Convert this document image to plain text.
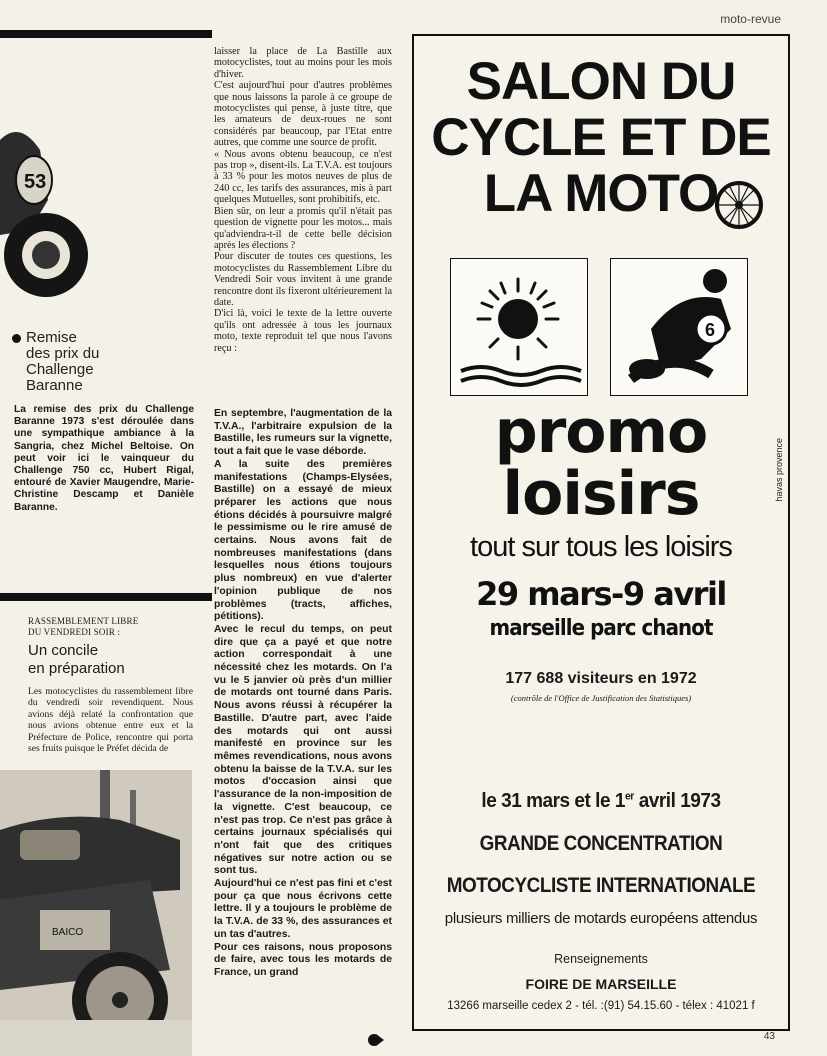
moto-revue
53
Remise
des prix du
Challenge
Baranne
La remise des prix du Challenge Baranne 1973 s'est déroulée dans une sympathique ambiance à la Sangria, chez Michel Beltoise. On peut voir ici le vainqueur du Challenge 750 cc, Hubert Rigal, entouré de Xavier Maugendre, Marie-Christine Descamp et Danièle Baranne.
RASSEMBLEMENT LIBRE
DU VENDREDI SOIR :
Un concile
en préparation
Les motocyclistes du rassemblement libre du vendredi soir revendiquent. Nous avions déjà relaté la confrontation que nous avions obtenue entre eux et la Préfecture de Police, rencontre qui porta ses fruits puisque le Préfet décida de
BAICO

laisser la place de La Bastille aux motocyclistes, tout au moins pour les mois d'hiver.

C'est aujourd'hui pour d'autres problèmes que nous laissons la parole à ce groupe de motocyclistes qui pense, à juste titre, que les amateurs de deux-roues ne sont considérés par beaucoup, par l'Etat entre autres, que comme une source de profit.

« Nous avons obtenu beaucoup, ce n'est pas trop », disent-ils. La T.V.A. est toujours à 33 % pour les motos neuves de plus de 240 cc, les tarifs des assurances, mis à part quelques Mutuelles, sont prohibitifs, etc.

Bien sûr, on leur a promis qu'il n'était pas question de vignette pour les motos... mais qu'adviendra-t-il de cette belle décision après les élections ?

Pour discuter de toutes ces questions, les motocyclistes du Rassemblement Libre du Vendredi Soir vous invitent à une grande rencontre dont ils fixeront ultérieurement la date.

D'ici là, voici le texte de la lettre ouverte qu'ils ont adressée à tous les journaux moto, texte reproduit tel que nous l'avons reçu :

En septembre, l'augmentation de la T.V.A., l'arbitraire expulsion de la Bastille, les rumeurs sur la vignette, tout a fait que le vase déborde.

A la suite des premières manifestations (Champs-Elysées, Bastille) on a essayé de mieux préparer les actions que nous étions décidés à poursuivre malgré le pessimisme ou le rire amusé de certains. Nous avons fait de nombreuses manifestations (dans lesquelles nous étions toujours plus nombreux) en vue d'alerter l'opinion publique de nos problèmes (tracts, affiches, pétitions).

Avec le recul du temps, on peut dire que ça a payé et que notre action correspondait à une nécessité chez les motards. On l'a vu le 5 janvier où près d'un millier de motards ont tourné dans Paris. Nous avons réussi à récupérer la Bastille. D'autre part, avec l'aide des motards qui ont aussi manifesté en province sur les mêmes revendications, nous avons obtenu la baisse de la T.V.A. sur les motos d'occasion ainsi que l'assurance de la non-imposition de la vignette. C'est beaucoup, ce n'est pas trop. Ce n'est pas grâce à certains journaux spécialisés qui n'ont fait que des critiques négatives sur notre action ou se sont tus.

Aujourd'hui ce n'est pas fini et c'est pour ça que nous écrivons cette lettre. Il y a toujours le problème de la T.V.A. de 33 %, des assurances et un tas d'autres.

Pour ces raisons, nous proposons de faire, avec tous les motards de France, un grand

SALON DU
CYCLE ET DE
LA MOTO
6
havas provence
promo
loisirs
tout sur tous les loisirs
29 mars-9 avril
marseille parc chanot
177 688 visiteurs en 1972
(contrôle de l'Office de Justification des Statistiques)
le 31 mars et le 1er avril 1973
GRANDE CONCENTRATION
MOTOCYCLISTE INTERNATIONALE
plusieurs milliers de motards européens attendus
Renseignements
FOIRE DE MARSEILLE
13266 marseille cedex 2 - tél. :(91) 54.15.60 - télex : 41021 f
43
